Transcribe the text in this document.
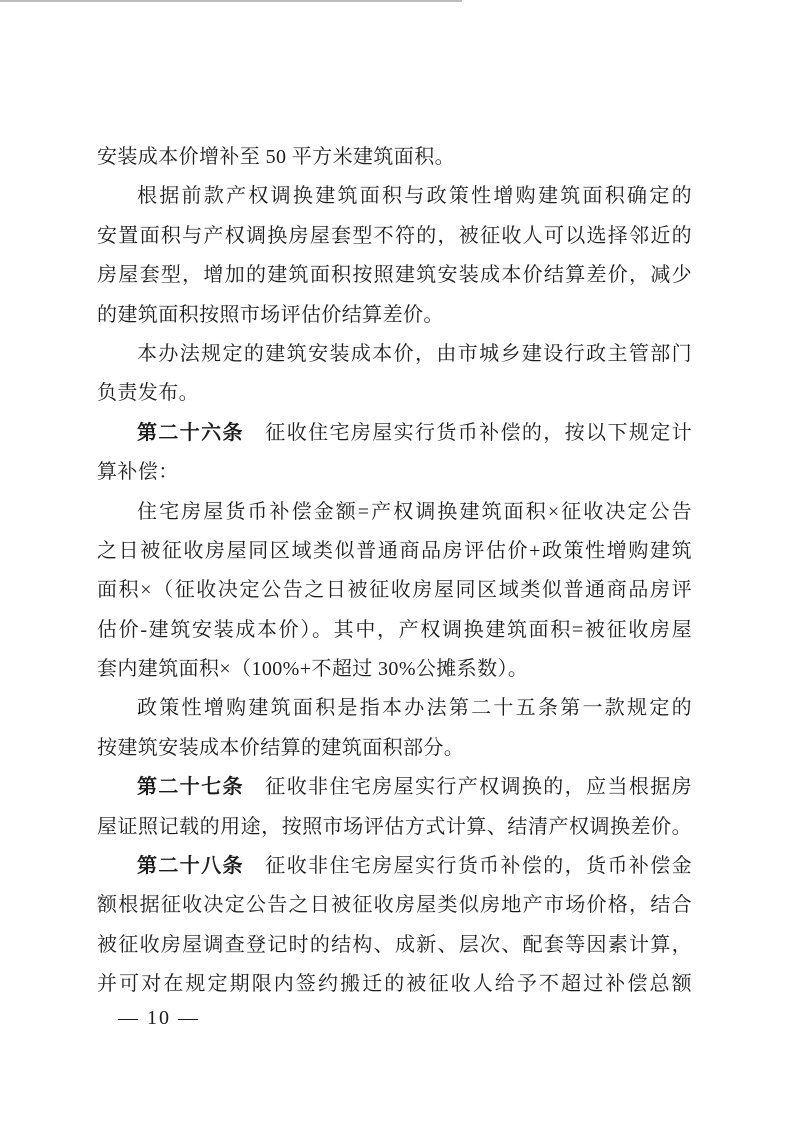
安装成本价增补至 50 平方米建筑面积。
根据前款产权调换建筑面积与政策性增购建筑面积确定的
安置面积与产权调换房屋套型不符的，被征收人可以选择邻近的
房屋套型，增加的建筑面积按照建筑安装成本价结算差价，减少
的建筑面积按照市场评估价结算差价。
本办法规定的建筑安装成本价，由市城乡建设行政主管部门
负责发布。
第二十六条　征收住宅房屋实行货币补偿的，按以下规定计
算补偿：
住宅房屋货币补偿金额=产权调换建筑面积×征收决定公告
之日被征收房屋同区域类似普通商品房评估价+政策性增购建筑
面积×（征收决定公告之日被征收房屋同区域类似普通商品房评
估价-建筑安装成本价）。其中，产权调换建筑面积=被征收房屋
套内建筑面积×（100%+不超过 30%公摊系数）。
政策性增购建筑面积是指本办法第二十五条第一款规定的
按建筑安装成本价结算的建筑面积部分。
第二十七条　征收非住宅房屋实行产权调换的，应当根据房
屋证照记载的用途，按照市场评估方式计算、结清产权调换差价。
第二十八条　征收非住宅房屋实行货币补偿的，货币补偿金
额根据征收决定公告之日被征收房屋类似房地产市场价格，结合
被征收房屋调查登记时的结构、成新、层次、配套等因素计算，
并可对在规定期限内签约搬迁的被征收人给予不超过补偿总额
— 10 —
